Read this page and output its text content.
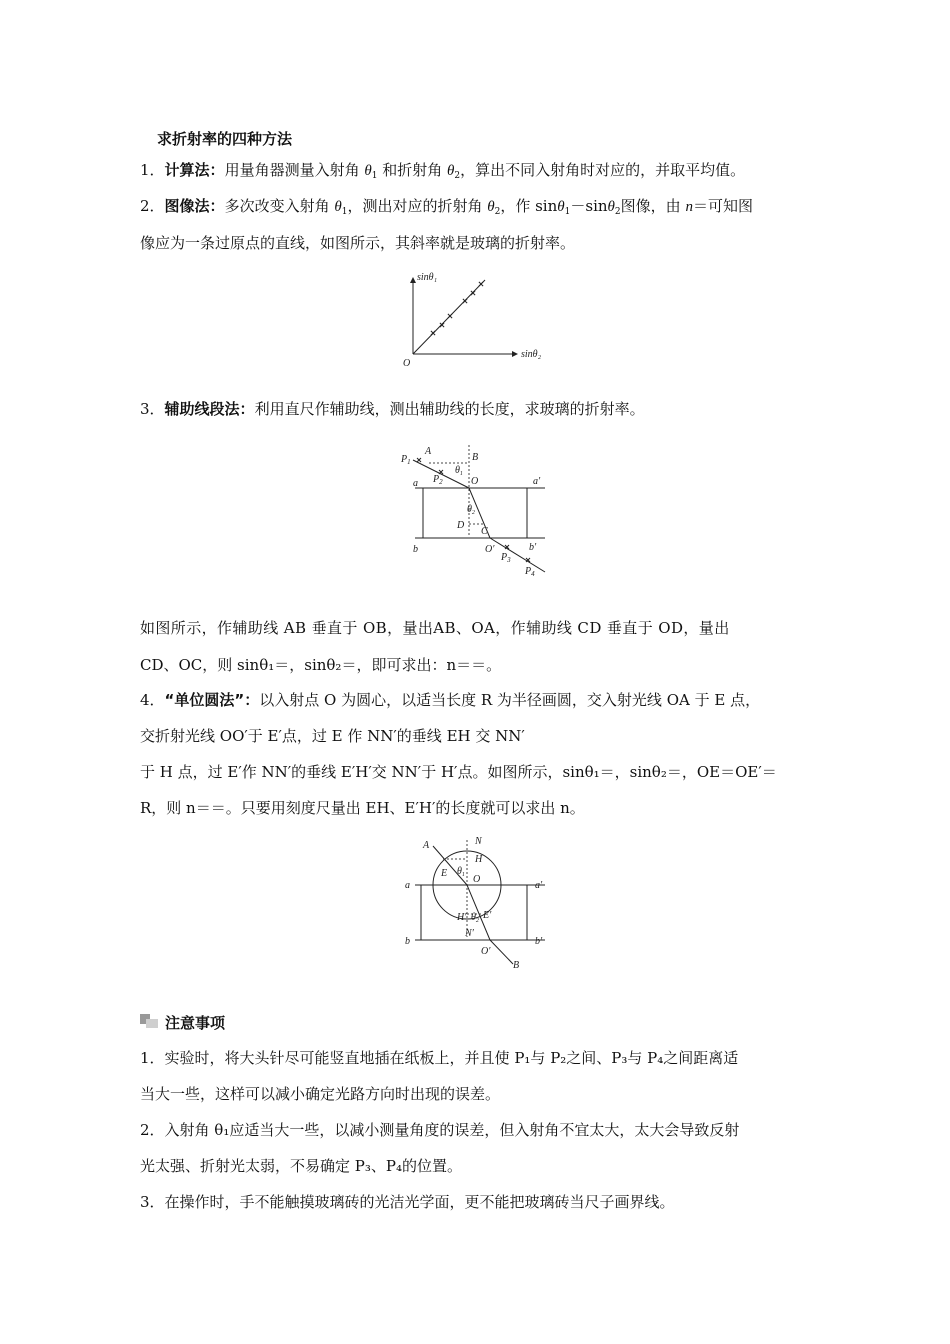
求折射率的四种方法
1．计算法：用量角器测量入射角 $\theta_1$ 和折射角 $\theta_2$，算出不同入射角时对应的，并取平均值。
2．图像法：多次改变入射角 $\theta_1$，测出对应的折射角 $\theta_2$，作 sinθ$_1$－sinθ$_2$图像，由 n＝可知图
像应为一条过原点的直线，如图所示，其斜率就是玻璃的折射率。
sinθ₁
sinθ₂
O
3．辅助线段法：利用直尺作辅助线，测出辅助线的长度，求玻璃的折射率。
$P_1$
A
B
$\theta_1$
$P_2$	O
a	a′
$\theta_2$
D
C
b	O′	b′
$P_3$
$P_4$
如图所示，作辅助线 AB 垂直于 OB，量出AB、OA，作辅助线 CD 垂直于 OD，量出
CD、OC，则 sinθ₁＝，sinθ₂＝，即可求出：n＝＝。
4．“单位圆法”：以入射点 O 为圆心，以适当长度 R 为半径画圆，交入射光线 OA 于 E 点，
交折射光线 OO′于 E′点，过 E 作 NN′的垂线 EH 交 NN′
于 H 点，过 E′作 NN′的垂线 E′H′交 NN′于 H′点。如图所示，sinθ₁＝，sinθ₂＝，OE＝OE′＝
R，则 n＝＝。只要用刻度尺量出 EH、E′H′的长度就可以求出 n。
A	N
H
E $\theta_1$ O
a	a′
H′ $\theta_2$ E′
N′
b	b′
O′
B
注意事项
1．实验时，将大头针尽可能竖直地插在纸板上，并且使 P₁与 P₂之间、P₃与 P₄之间距离适
当大一些，这样可以减小确定光路方向时出现的误差。
2．入射角 θ₁应适当大一些，以减小测量角度的误差，但入射角不宜太大，太大会导致反射
光太强、折射光太弱，不易确定 P₃、P₄的位置。
3．在操作时，手不能触摸玻璃砖的光洁光学面，更不能把玻璃砖当尺子画界线。
